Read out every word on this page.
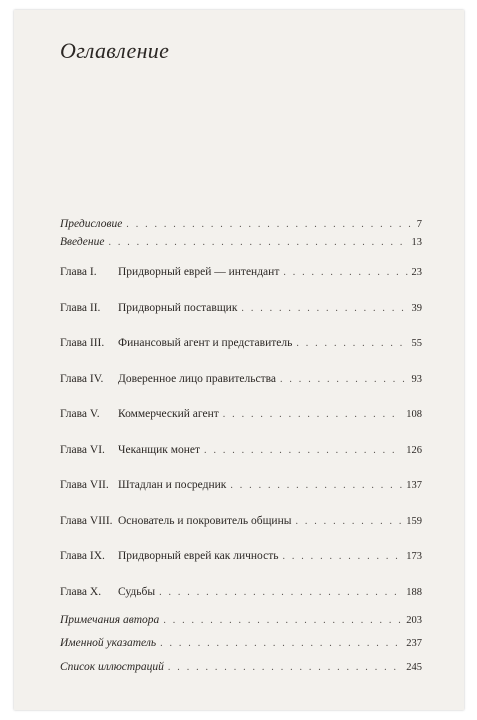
Оглавление
Предисловие . . .	7
Введение . . .	13
Глава I.	Придворный еврей — интендант . . .	23
Глава II.	Придворный поставщик . . .	39
Глава III.	Финансовый агент и представитель . . .	55
Глава IV.	Доверенное лицо правительства . . .	93
Глава V.	Коммерческий агент . . .	108
Глава VI.	Чеканщик монет . . .	126
Глава VII. Штадлан и посредник . . .	137
Глава VIII. Основатель и покровитель общины . . .	159
Глава IX.	Придворный еврей как личность . . .	173
Глава X.	Судьбы . . .	188
Примечания автора . . .	203
Именной указатель . . .	237
Список иллюстраций . . .	245
